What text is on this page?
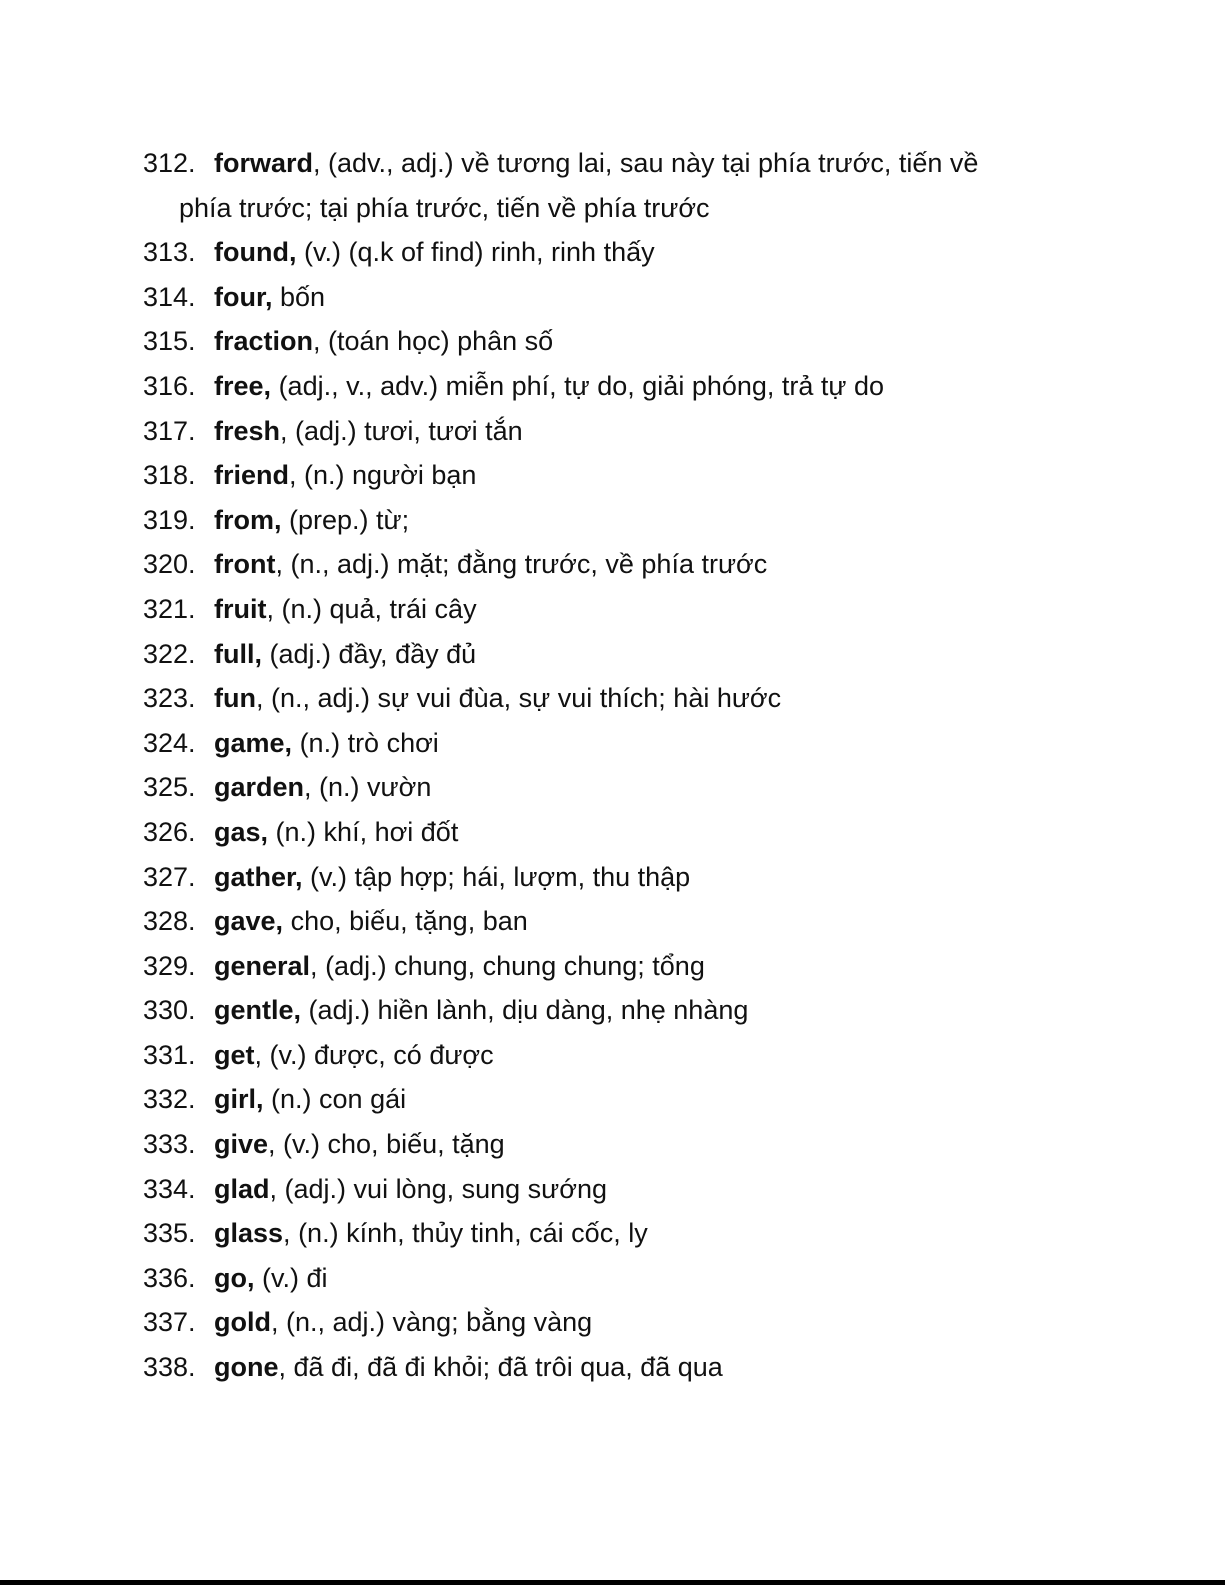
312. forward, (adv., adj.) về tương lai, sau này tại phía trước, tiến về phía trước; tại phía trước, tiến về phía trước
313. found, (v.) (q.k of find) rinh, rinh thấy
314. four, bốn
315. fraction, (toán học) phân số
316. free, (adj., v., adv.) miễn phí, tự do, giải phóng, trả tự do
317. fresh, (adj.) tươi, tươi tắn
318. friend, (n.) người bạn
319. from, (prep.) từ;
320. front, (n., adj.) mặt; đằng trước, về phía trước
321. fruit, (n.) quả, trái cây
322. full, (adj.) đầy, đầy đủ
323. fun, (n., adj.) sự vui đùa, sự vui thích; hài hước
324. game, (n.) trò chơi
325. garden, (n.) vườn
326. gas, (n.) khí, hơi đốt
327. gather, (v.) tập hợp; hái, lượm, thu thập
328. gave, cho, biếu, tặng, ban
329. general, (adj.) chung, chung chung; tổng
330. gentle, (adj.) hiền lành, dịu dàng, nhẹ nhàng
331. get, (v.) được, có được
332. girl, (n.) con gái
333. give, (v.) cho, biếu, tặng
334. glad, (adj.) vui lòng, sung sướng
335. glass, (n.) kính, thủy tinh, cái cốc, ly
336. go, (v.) đi
337. gold, (n., adj.) vàng; bằng vàng
338. gone, đã đi, đã đi khỏi; đã trôi qua, đã qua
